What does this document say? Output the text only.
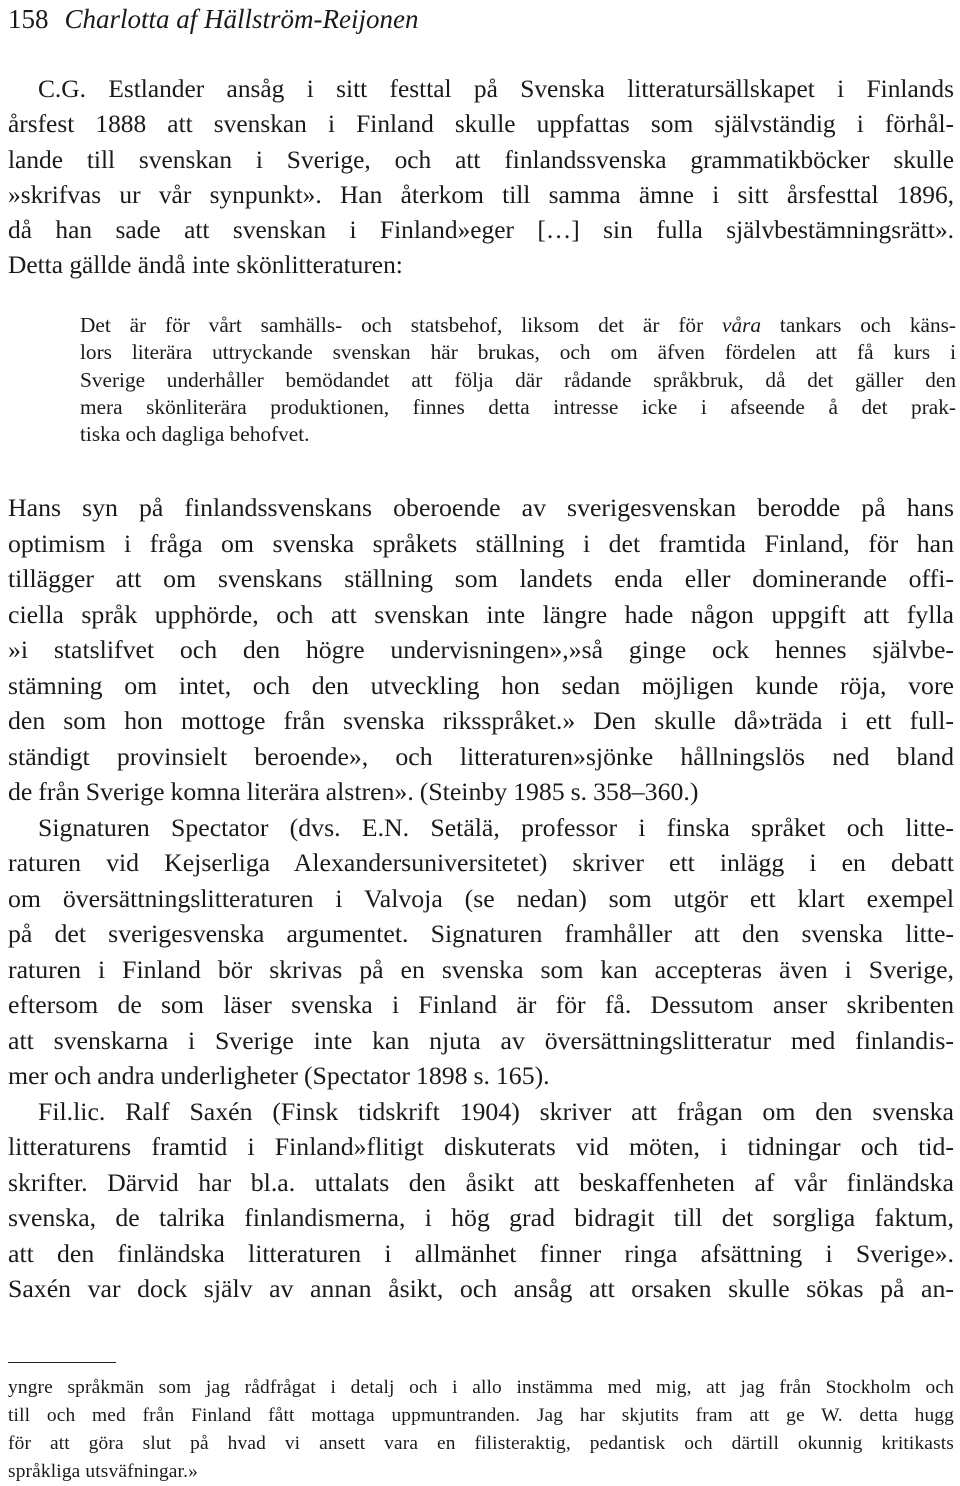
158 Charlotta af Hällström-Reijonen
C.G. Estlander ansåg i sitt festtal på Svenska litteratursällskapet i Finlands
årsfest 1888 att svenskan i Finland skulle uppfattas som självständig i förhål-
lande till svenskan i Sverige, och att finlandssvenska grammatikböcker skulle
»skrifvas ur vår synpunkt». Han återkom till samma ämne i sitt årsfesttal 1896,
då han sade att svenskan i Finland»eger […] sin fulla självbestämningsrätt».
Detta gällde ändå inte skönlitteraturen:
Det är för vårt samhälls- och statsbehof, liksom det är för våra tankars och käns-
lors literära uttryckande svenskan här brukas, och om äfven fördelen att få kurs i
Sverige underhåller bemödandet att följa där rådande språkbruk, då det gäller den
mera skönliterära produktionen, finnes detta intresse icke i afseende å det prak-
tiska och dagliga behofvet.
Hans syn på finlandssvenskans oberoende av sverigesvenskan berodde på hans
optimism i fråga om svenska språkets ställning i det framtida Finland, för han
tillägger att om svenskans ställning som landets enda eller dominerande offi-
ciella språk upphörde, och att svenskan inte längre hade någon uppgift att fylla
»i statslifvet och den högre undervisningen»,»så ginge ock hennes självbe-
stämning om intet, och den utveckling hon sedan möjligen kunde röja, vore
den som hon mottoge från svenska riksspråket.» Den skulle då»träda i ett full-
ständigt provinsielt beroende», och litteraturen»sjönke hållningslös ned bland
de från Sverige komna literära alstren». (Steinby 1985 s. 358–360.)
Signaturen Spectator (dvs. E.N. Setälä, professor i finska språket och litte-
raturen vid Kejserliga Alexandersuniversitetet) skriver ett inlägg i en debatt
om översättningslitteraturen i Valvoja (se nedan) som utgör ett klart exempel
på det sverigesvenska argumentet. Signaturen framhåller att den svenska litte-
raturen i Finland bör skrivas på en svenska som kan accepteras även i Sverige,
eftersom de som läser svenska i Finland är för få. Dessutom anser skribenten
att svenskarna i Sverige inte kan njuta av översättningslitteratur med finlandis-
mer och andra underligheter (Spectator 1898 s. 165).
Fil.lic. Ralf Saxén (Finsk tidskrift 1904) skriver att frågan om den svenska
litteraturens framtid i Finland»flitigt diskuterats vid möten, i tidningar och tid-
skrifter. Därvid har bl.a. uttalats den åsikt att beskaffenheten af vår finländska
svenska, de talrika finlandismerna, i hög grad bidragit till det sorgliga faktum,
att den finländska litteraturen i allmänhet finner ringa afsättning i Sverige».
Saxén var dock själv av annan åsikt, och ansåg att orsaken skulle sökas på an-
yngre språkmän som jag rådfrågat i detalj och i allo instämma med mig, att jag från Stockholm och
till och med från Finland fått mottaga uppmuntranden. Jag har skjutits fram att ge W. detta hugg
för att göra slut på hvad vi ansett vara en filisteraktig, pedantisk och därtill okunnig kritikasts
språkliga utsväfningar.»
